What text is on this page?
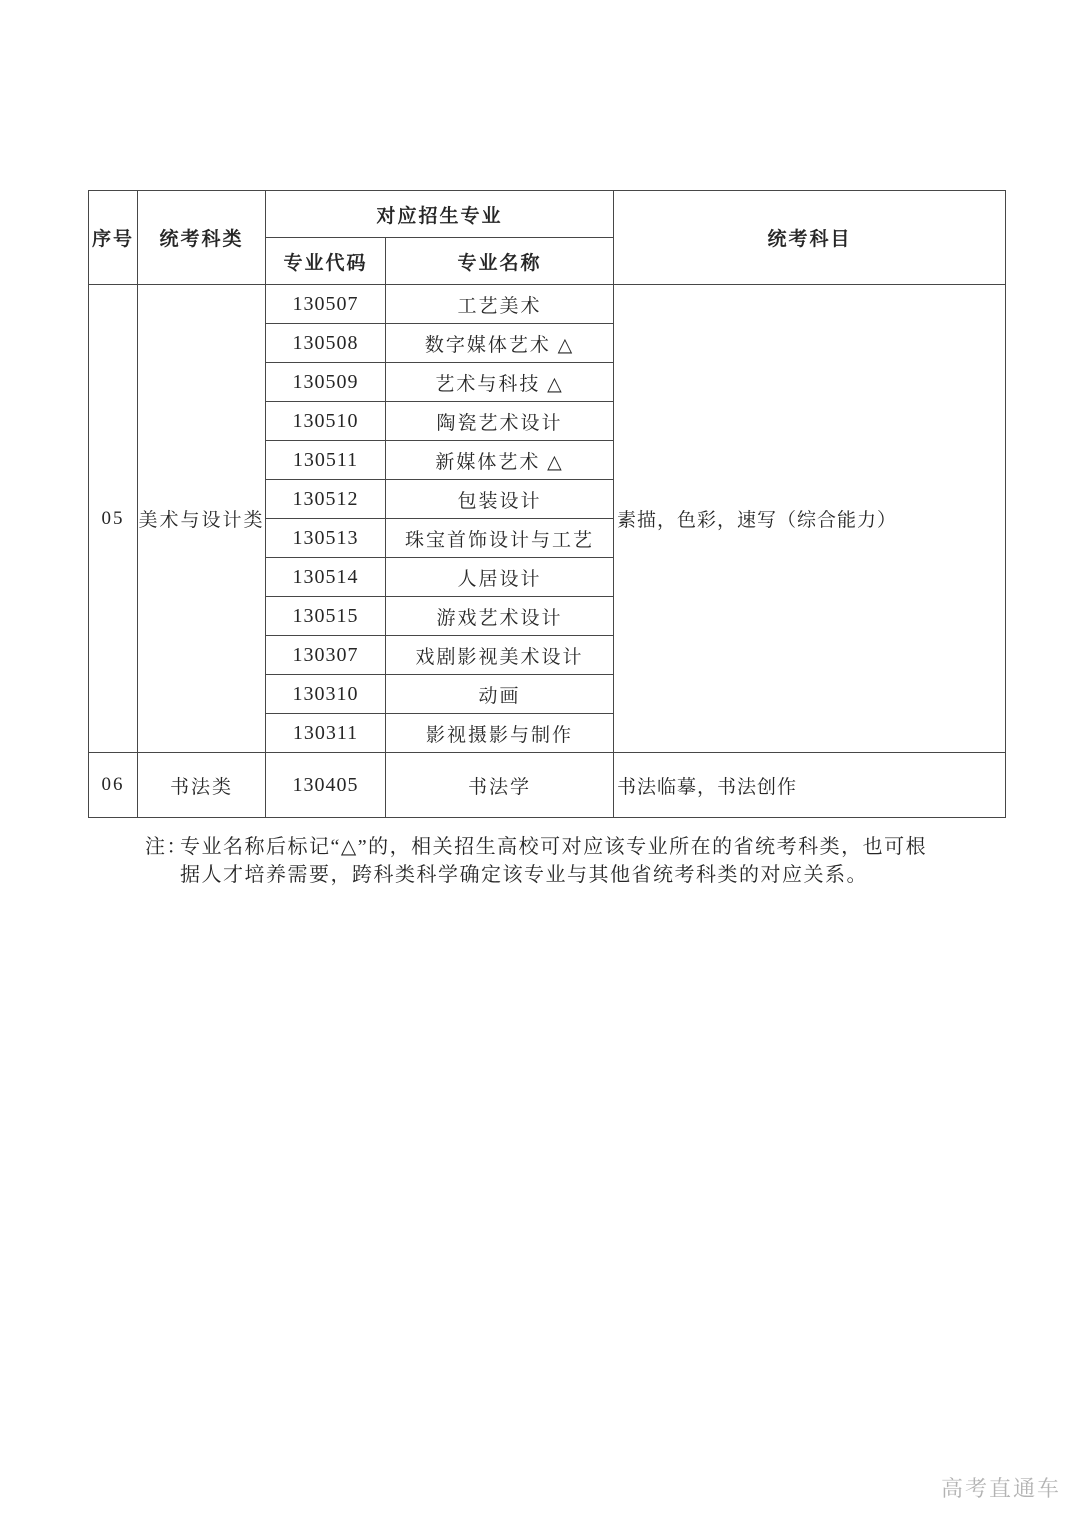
序号	统考科类	对应招生专业		统考科目
		专业代码	专业名称	
05	美术与设计类	130507	工艺美术	素描，色彩，速写（综合能力）
		130508	数字媒体艺术 △	
		130509	艺术与科技 △	
		130510	陶瓷艺术设计	
		130511	新媒体艺术 △	
		130512	包装设计	
		130513	珠宝首饰设计与工艺	
		130514	人居设计	
		130515	游戏艺术设计	
		130307	戏剧影视美术设计	
		130310	动画	
		130311	影视摄影与制作	
06	书法类	130405	书法学	书法临摹，书法创作
注：
专业名称后标记“△”的，相关招生高校可对应该专业所在的省统考科类，也可根
据人才培养需要，跨科类科学确定该专业与其他省统考科类的对应关系。
高考直通车
